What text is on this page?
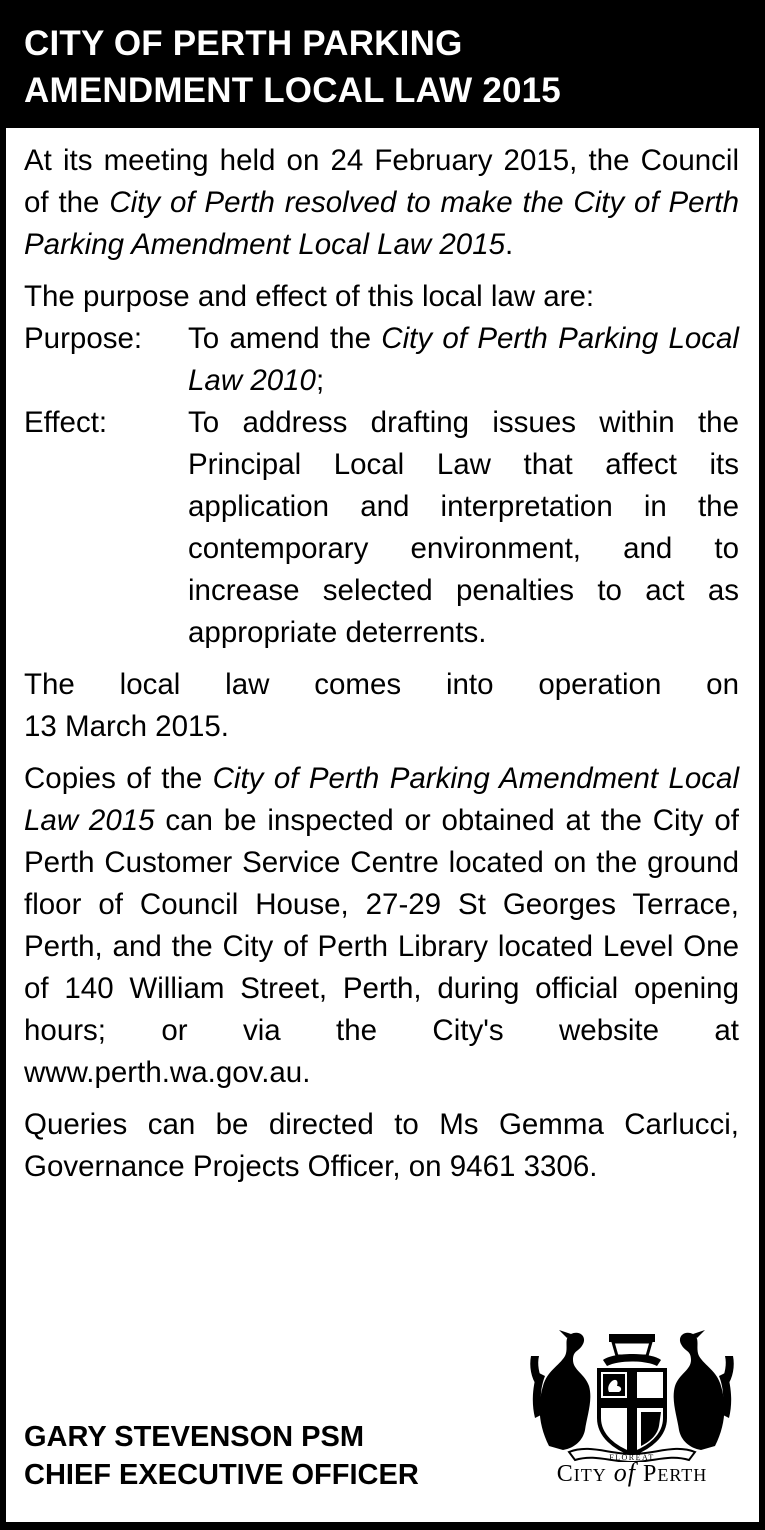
CITY OF PERTH PARKING
AMENDMENT LOCAL LAW 2015

At its meeting held on 24 February 2015, the Council of the City of Perth resolved to make the City of Perth Parking Amendment Local Law 2015.

The purpose and effect of this local law are:

Purpose:	To amend the City of Perth Parking Local Law 2010;
Effect:	To address drafting issues within the Principal Local Law that affect its application and interpretation in the contemporary environment, and to increase selected penalties to act as appropriate deterrents.

The local law comes into operation on
13 March 2015.

Copies of the City of Perth Parking Amendment Local Law 2015 can be inspected or obtained at the City of Perth Customer Service Centre located on the ground floor of Council House, 27-29 St Georges Terrace, Perth, and the City of Perth Library located Level One of 140 William Street, Perth, during official opening hours; or via the City's website at www.perth.wa.gov.au.

Queries can be directed to Ms Gemma Carlucci, Governance Projects Officer, on 9461 3306.

GARY STEVENSON PSM
CHIEF EXECUTIVE OFFICER
FLOREAT
CITY of PERTH
